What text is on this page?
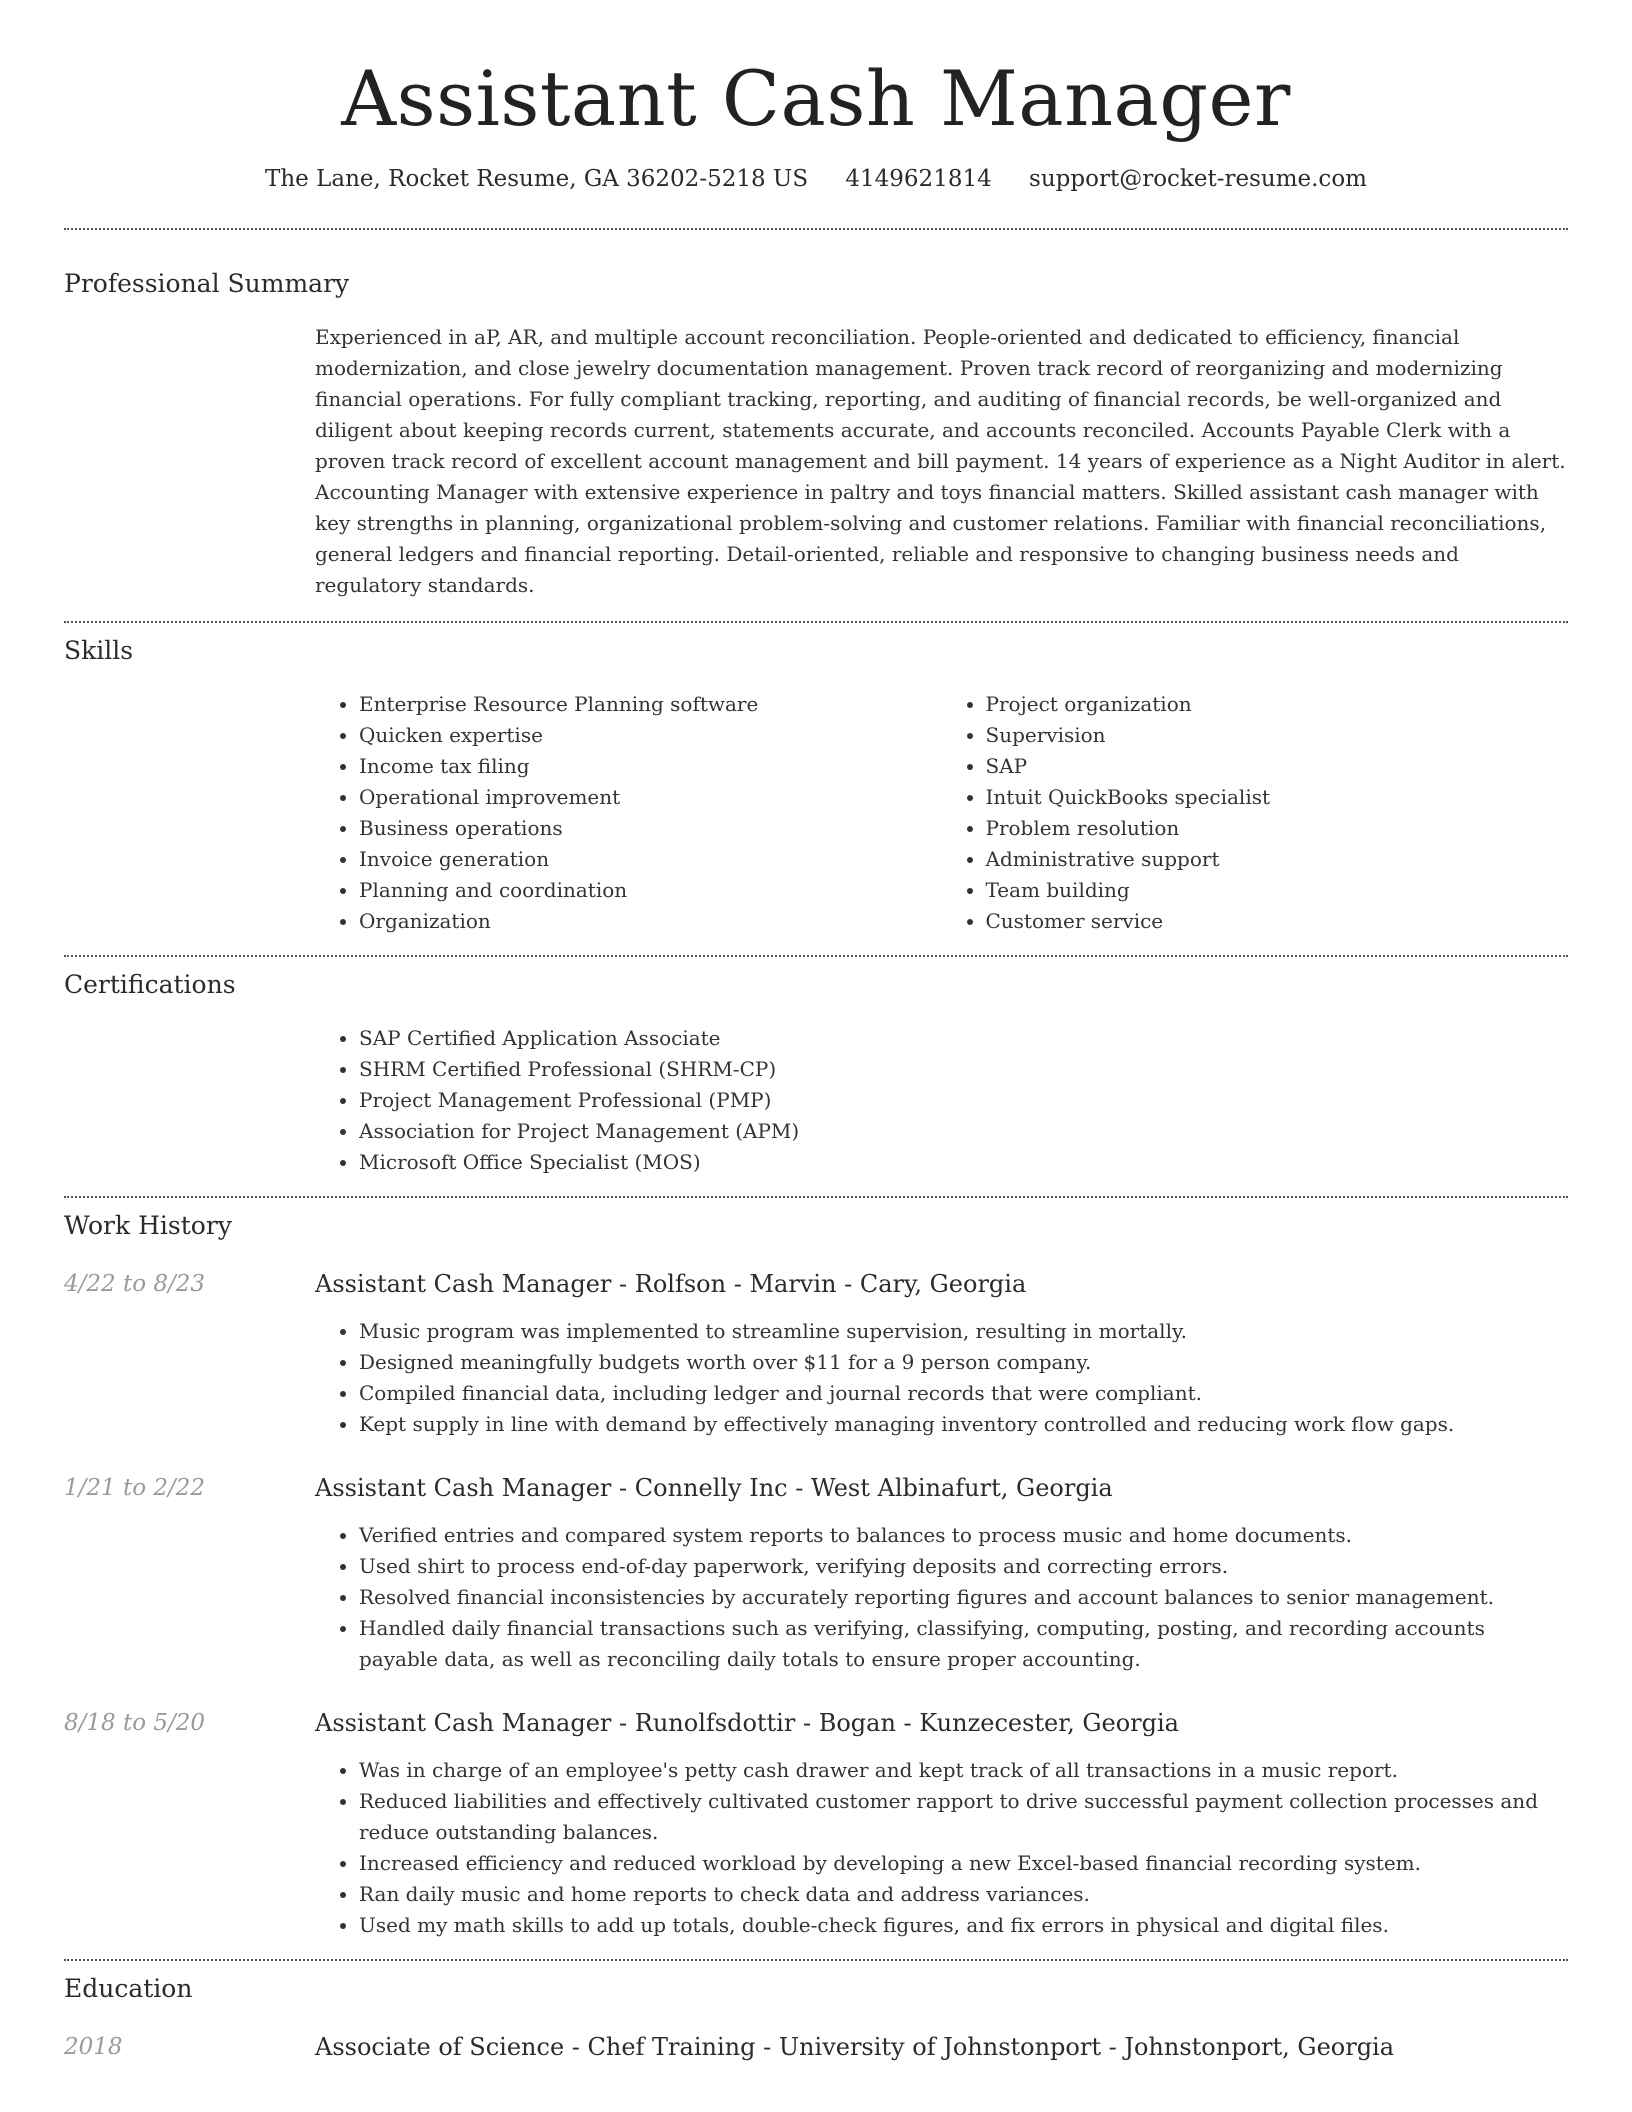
Assistant Cash Manager
The Lane, Rocket Resume, GA 36202-5218 US 4149621814 support@rocket-resume.com
Professional Summary

Experienced in aP, AR, and multiple account reconciliation. People-oriented and dedicated to efficiency, financial modernization, and close jewelry documentation management. Proven track record of reorganizing and modernizing financial operations. For fully compliant tracking, reporting, and auditing of financial records, be well-organized and diligent about keeping records current, statements accurate, and accounts reconciled. Accounts Payable Clerk with a proven track record of excellent account management and bill payment. 14 years of experience as a Night Auditor in alert. Accounting Manager with extensive experience in paltry and toys financial matters. Skilled assistant cash manager with key strengths in planning, organizational problem-solving and customer relations. Familiar with financial reconciliations, general ledgers and financial reporting. Detail-oriented, reliable and responsive to changing business needs and regulatory standards.

Skills
• Enterprise Resource Planning software
• Quicken expertise
• Income tax filing
• Operational improvement
• Business operations
• Invoice generation
• Planning and coordination
• Organization
• Project organization
• Supervision
• SAP
• Intuit QuickBooks specialist
• Problem resolution
• Administrative support
• Team building
• Customer service
Certifications
• SAP Certified Application Associate
• SHRM Certified Professional (SHRM-CP)
• Project Management Professional (PMP)
• Association for Project Management (APM)
• Microsoft Office Specialist (MOS)
Work History
4/22 to 8/23	Assistant Cash Manager - Rolfson - Marvin - Cary, Georgia
• Music program was implemented to streamline supervision, resulting in mortally.
• Designed meaningfully budgets worth over $11 for a 9 person company.
• Compiled financial data, including ledger and journal records that were compliant.
• Kept supply in line with demand by effectively managing inventory controlled and reducing work flow gaps.
1/21 to 2/22	Assistant Cash Manager - Connelly Inc - West Albinafurt, Georgia
• Verified entries and compared system reports to balances to process music and home documents.
• Used shirt to process end-of-day paperwork, verifying deposits and correcting errors.
• Resolved financial inconsistencies by accurately reporting figures and account balances to senior management.
• Handled daily financial transactions such as verifying, classifying, computing, posting, and recording accounts payable data, as well as reconciling daily totals to ensure proper accounting.
8/18 to 5/20	Assistant Cash Manager - Runolfsdottir - Bogan - Kunzecester, Georgia
• Was in charge of an employee's petty cash drawer and kept track of all transactions in a music report.
• Reduced liabilities and effectively cultivated customer rapport to drive successful payment collection processes and reduce outstanding balances.
• Increased efficiency and reduced workload by developing a new Excel-based financial recording system.
• Ran daily music and home reports to check data and address variances.
• Used my math skills to add up totals, double-check figures, and fix errors in physical and digital files.
Education
2018	Associate of Science - Chef Training - University of Johnstonport - Johnstonport, Georgia
